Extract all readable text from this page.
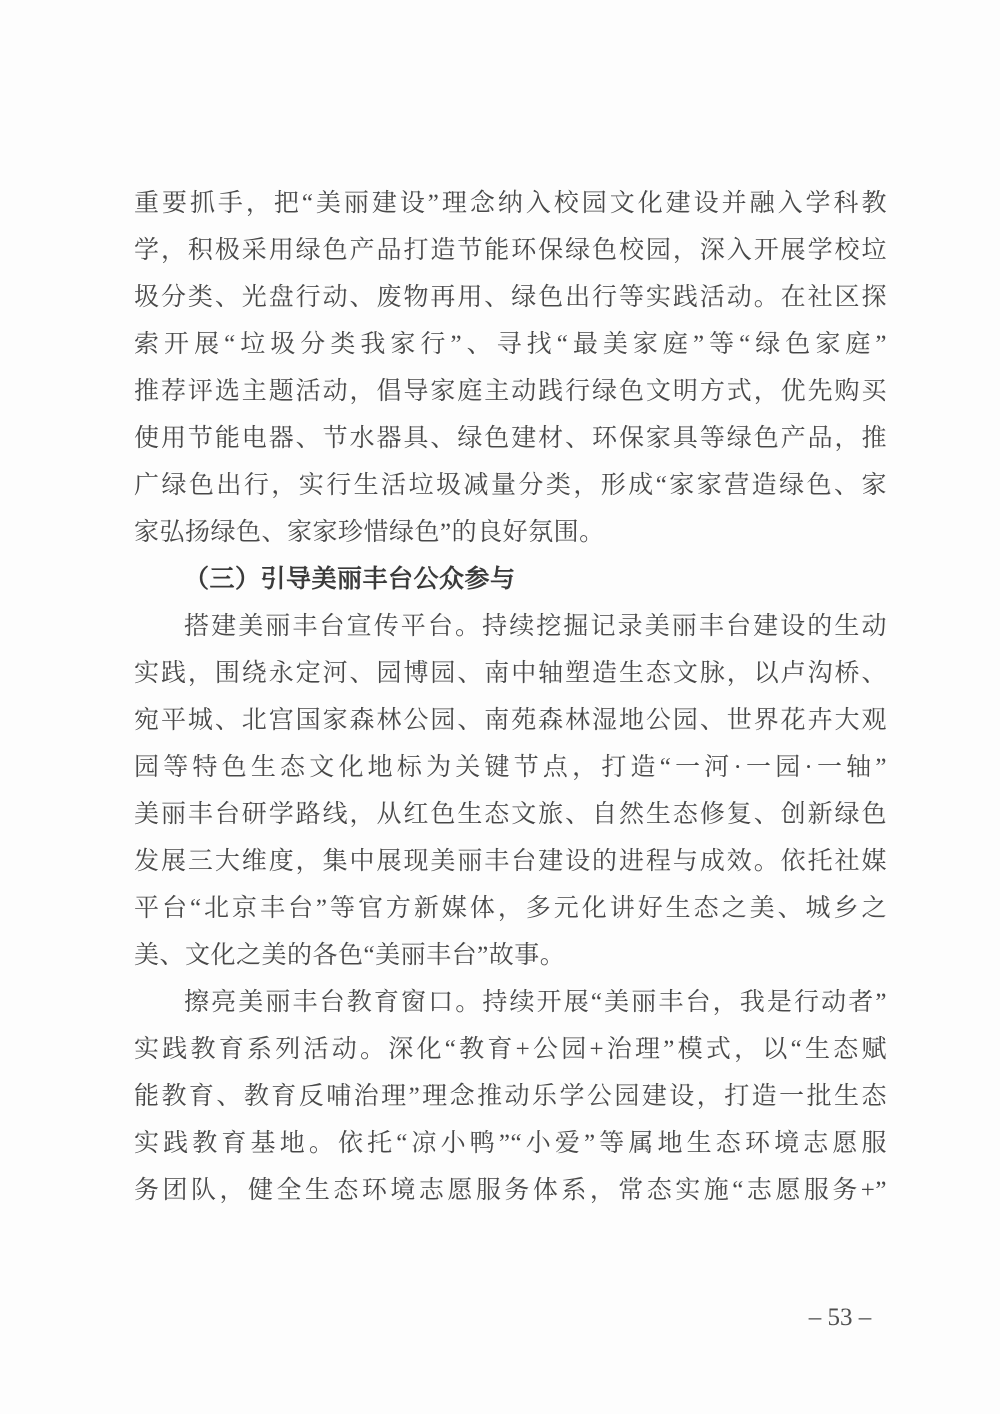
重要抓手，把“美丽建设”理念纳入校园文化建设并融入学科教
学，积极采用绿色产品打造节能环保绿色校园，深入开展学校垃
圾分类、光盘行动、废物再用、绿色出行等实践活动。在社区探
索开展“垃圾分类我家行”、寻找“最美家庭”等“绿色家庭”
推荐评选主题活动，倡导家庭主动践行绿色文明方式，优先购买
使用节能电器、节水器具、绿色建材、环保家具等绿色产品，推
广绿色出行，实行生活垃圾减量分类，形成“家家营造绿色、家
家弘扬绿色、家家珍惜绿色”的良好氛围。
（三）引导美丽丰台公众参与
搭建美丽丰台宣传平台。持续挖掘记录美丽丰台建设的生动
实践，围绕永定河、园博园、南中轴塑造生态文脉，以卢沟桥、
宛平城、北宫国家森林公园、南苑森林湿地公园、世界花卉大观
园等特色生态文化地标为关键节点，打造“一河·一园·一轴”
美丽丰台研学路线，从红色生态文旅、自然生态修复、创新绿色
发展三大维度，集中展现美丽丰台建设的进程与成效。依托社媒
平台“北京丰台”等官方新媒体，多元化讲好生态之美、城乡之
美、文化之美的各色“美丽丰台”故事。
擦亮美丽丰台教育窗口。持续开展“美丽丰台，我是行动者”
实践教育系列活动。深化“教育+公园+治理”模式，以“生态赋
能教育、教育反哺治理”理念推动乐学公园建设，打造一批生态
实践教育基地。依托“凉小鸭”“小爱”等属地生态环境志愿服
务团队，健全生态环境志愿服务体系，常态实施“志愿服务+”
– 53 –
